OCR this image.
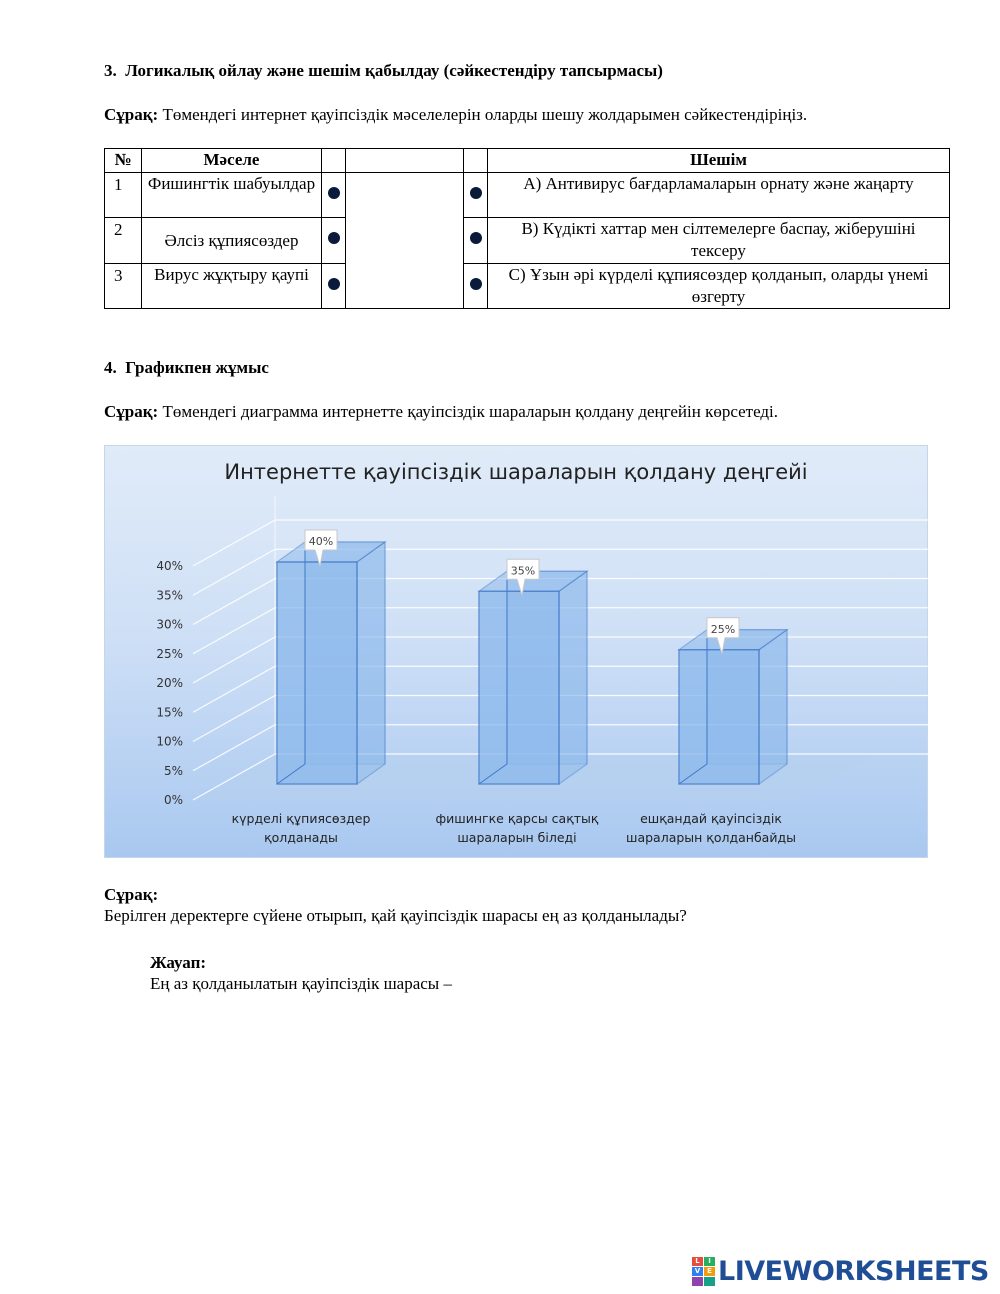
3. Логикалық ойлау және шешім қабылдау (сәйкестендіру тапсырмасы)
Сұрақ: Төмендегі интернет қауіпсіздік мәселелерін оларды шешу жолдарымен сәйкестендіріңіз.
№	Мәселе				Шешім
1	Фишингтік шабуылдар				A) Антивирус бағдарламаларын орнату және жаңарту
2	Әлсіз құпиясөздер				B) Күдікті хаттар мен сілтемелерге баспау, жіберушіні тексеру
3	Вирус жұқтыру қаупі				C) Ұзын әрі күрделі құпиясөздер қолданып, оларды үнемі өзгерту
4. Графикпен жұмыс
Сұрақ: Төмендегі диаграмма интернетте қауіпсіздік шараларын қолдану деңгейін көрсетеді.
Интернетте қауіпсіздік шараларын қолдану деңгейі
0%
5%
10%
15%
20%
25%
30%
35%
40%
40%
күрделі құпиясөздер
қолданады
35%
фишингке қарсы сақтық
шараларын біледі
25%
ешқандай қауіпсіздік
шараларын қолданбайды
Сұрақ:
Берілген деректерге сүйене отырып, қай қауіпсіздік шарасы ең аз қолданылады?
Жауап:
Ең аз қолданылатын қауіпсіздік шарасы –
L	I
V E LIVEWORKSHEETS
